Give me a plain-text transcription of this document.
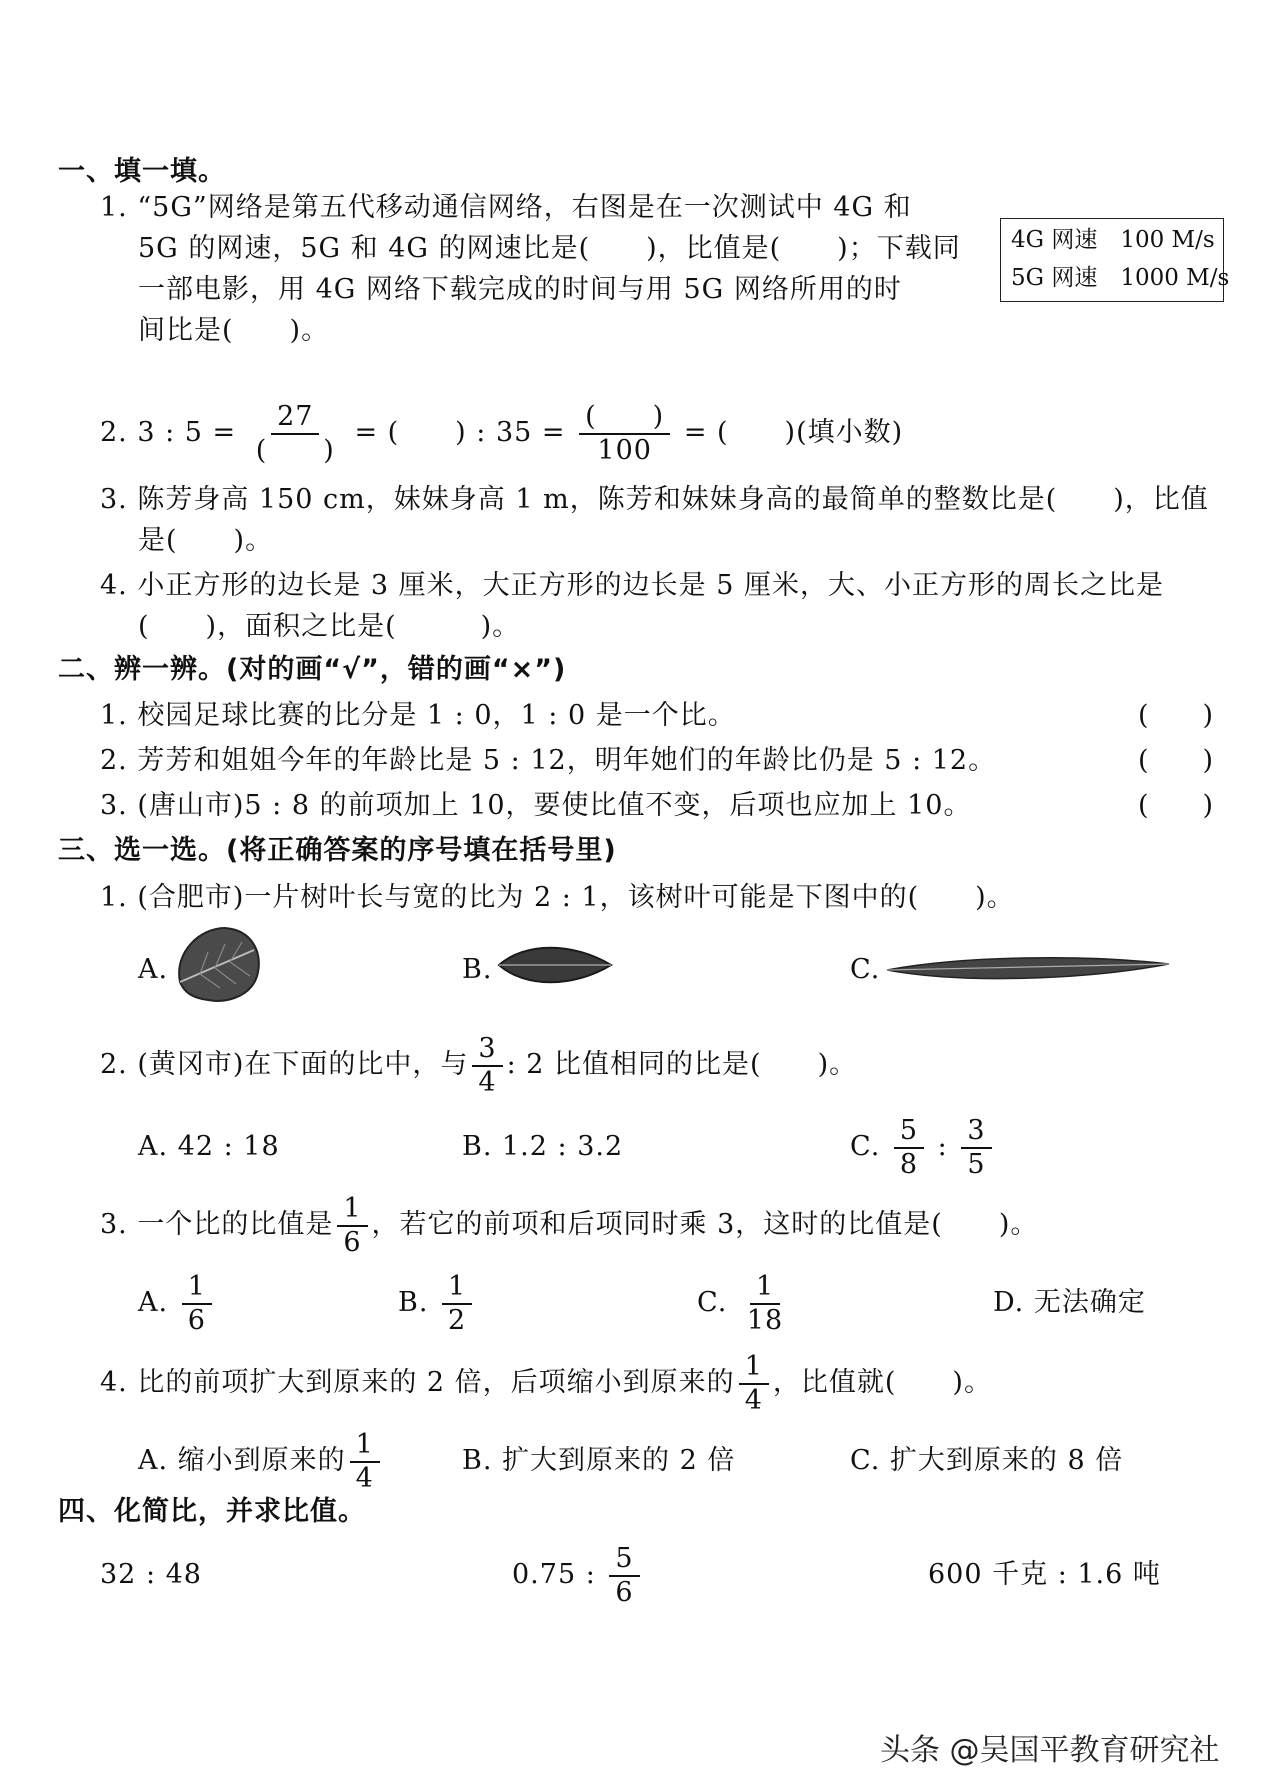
一、填一填。
1. “5G”网络是第五代移动通信网络，右图是在一次测试中 4G 和
5G 的网速，5G 和 4G 的网速比是(　　)，比值是(　　)；下载同
一部电影，用 4G 网络下载完成的时间与用 5G 网络所用的时
间比是(　　)。
4G 网速　100 M/s
5G 网速　1000 M/s
2. 3 : $5 = \frac{27}{( )}$ = (　　) : $35 = \frac{( )}{100}$ = (　　)(填小数)
3. 陈芳身高 150 cm，妹妹身高 1 m，陈芳和妹妹身高的最简单的整数比是(　　)，比值
是(　　)。
4. 小正方形的边长是 3 厘米，大正方形的边长是 5 厘米，大、小正方形的周长之比是
(　　)，面积之比是(　　　)。
二、辨一辨。(对的画“√”，错的画“×”)
1. 校园足球比赛的比分是 1 : 0，1 : 0 是一个比。	(　　)
2. 芳芳和姐姐今年的年龄比是 5 : 12，明年她们的年龄比仍是 5 : 12。	(　　)
3. (唐山市)5 : 8 的前项加上 10，要使比值不变，后项也应加上 10。	(　　)
三、选一选。(将正确答案的序号填在括号里)
1. (合肥市)一片树叶长与宽的比为 2 : 1，该树叶可能是下图中的(　　)。
A.	B.	C.
2. (黄冈市)在下面的比中，与 $\frac{3}{4}$ : 2 比值相同的比是(　　)。
A. 42 : 18	B. 1.2 : 3.2	C. $\frac{5}{8}$ : $\frac{3}{5}$
3. 一个比的比值是 $\frac{1}{6}$ ，若它的前项和后项同时乘 3，这时的比值是(　　)。
A. $\frac{1}{6}$	B. $\frac{1}{2}$	C. $\frac{1}{18}$	D. 无法确定
4. 比的前项扩大到原来的 2 倍，后项缩小到原来的 $\frac{1}{4}$ ，比值就(　　)。
A. 缩小到原来的 $\frac{1}{4}$	B. 扩大到原来的 2 倍	C. 扩大到原来的 8 倍
四、化简比，并求比值。
32 : 48	0.75 : $\frac{5}{6}$	600 千克 : 1.6 吨
头条 @吴国平教育研究社
